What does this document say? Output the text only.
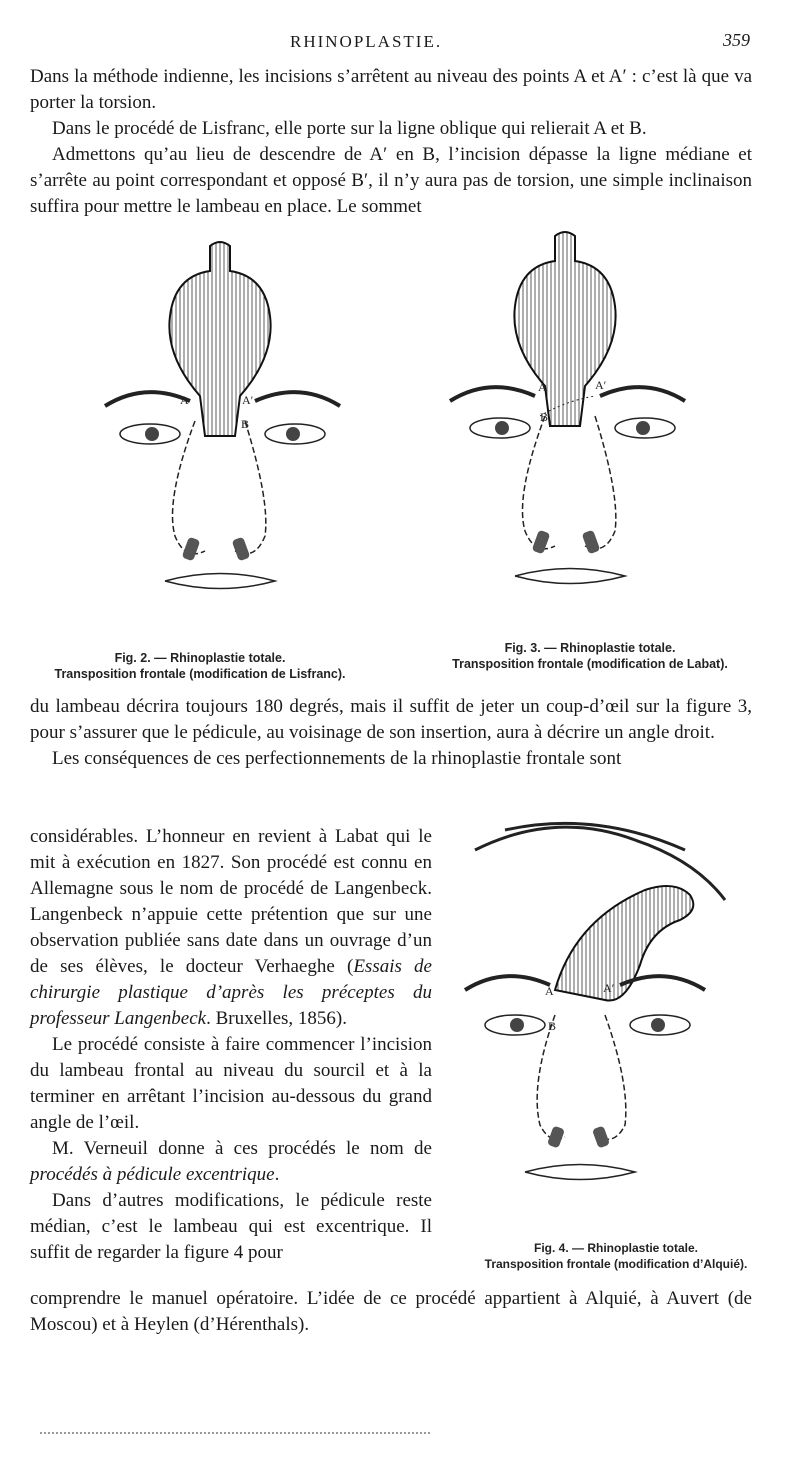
RHINOPLASTIE.	359

Dans la méthode indienne, les incisions s’arrêtent au niveau des points A et A′ : c’est là que va porter la torsion.

Dans le procédé de Lisfranc, elle porte sur la ligne oblique qui relierait A et B.

Admettons qu’au lieu de descendre de A′ en B, l’incision dépasse la ligne médiane et s’arrête au point correspondant et opposé B′, il n’y aura pas de torsion, une simple inclinaison suffira pour mettre le lambeau en place. Le sommet

A	A′
B
A	A′
B
Fig. 2. — Rhinoplastie totale.
Transposition frontale (modification de Lisfranc).
Fig. 3. — Rhinoplastie totale.
Transposition frontale (modification de Labat).

du lambeau décrira toujours 180 degrés, mais il suffit de jeter un coup-d’œil sur la figure 3, pour s’assurer que le pédicule, au voisinage de son insertion, aura à décrire un angle droit.

Les conséquences de ces perfectionnements de la rhinoplastie frontale sont

considérables. L’honneur en revient à Labat qui le mit à exécution en 1827. Son procédé est connu en Allemagne sous le nom de procédé de Langenbeck. Langenbeck n’appuie cette prétention que sur une observation publiée sans date dans un ouvrage d’un de ses élèves, le docteur Verhaeghe (Essais de chirurgie plastique d’après les préceptes du professeur Langenbeck. Bruxelles, 1856).

Le procédé consiste à faire commencer l’incision du lambeau frontal au niveau du sourcil et à la terminer en arrêtant l’incision au-dessous du grand angle de l’œil.

M. Verneuil donne à ces procédés le nom de procédés à pédicule excentrique.

Dans d’autres modifications, le pédicule reste médian, c’est le lambeau qui est excentrique. Il suffit de regarder la figure 4 pour

A	A′
B
Fig. 4. — Rhinoplastie totale.
Transposition frontale (modification d’Alquié).

comprendre le manuel opératoire. L’idée de ce procédé appartient à Alquié, à Auvert (de Moscou) et à Heylen (d’Hérenthals).
